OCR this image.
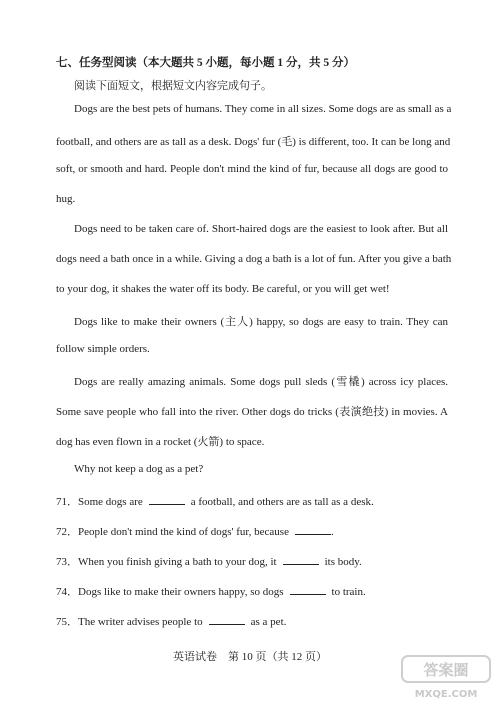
七、任务型阅读（本大题共 5 小题，每小题 1 分，共 5 分）
阅读下面短文，根据短文内容完成句子。
Dogs are the best pets of humans. They come in all sizes. Some dogs are as small as a
football, and others are as tall as a desk. Dogs' fur (毛) is different, too. It can be long and
soft, or smooth and hard. People don't mind the kind of fur, because all dogs are good to
hug.
Dogs need to be taken care of. Short-haired dogs are the easiest to look after. But all
dogs need a bath once in a while. Giving a dog a bath is a lot of fun. After you give a bath
to your dog, it shakes the water off its body. Be careful, or you will get wet!
Dogs like to make their owners (主人) happy, so dogs are easy to train. They can
follow simple orders.
Dogs are really amazing animals. Some dogs pull sleds (雪橇) across icy places.
Some save people who fall into the river. Other dogs do tricks (表演绝技) in movies. A
dog has even flown in a rocket (火箭) to space.
Why not keep a dog as a pet?
71．Some dogs are	a football, and others are as tall as a desk.
72．People don't mind the kind of dogs' fur, because	.
73．When you finish giving a bath to your dog, it	its body.
74．Dogs like to make their owners happy, so dogs	to train.
75．The writer advises people to	as a pet.
英语试卷　第 10 页（共 12 页）
答案圈
MXQE.COM
